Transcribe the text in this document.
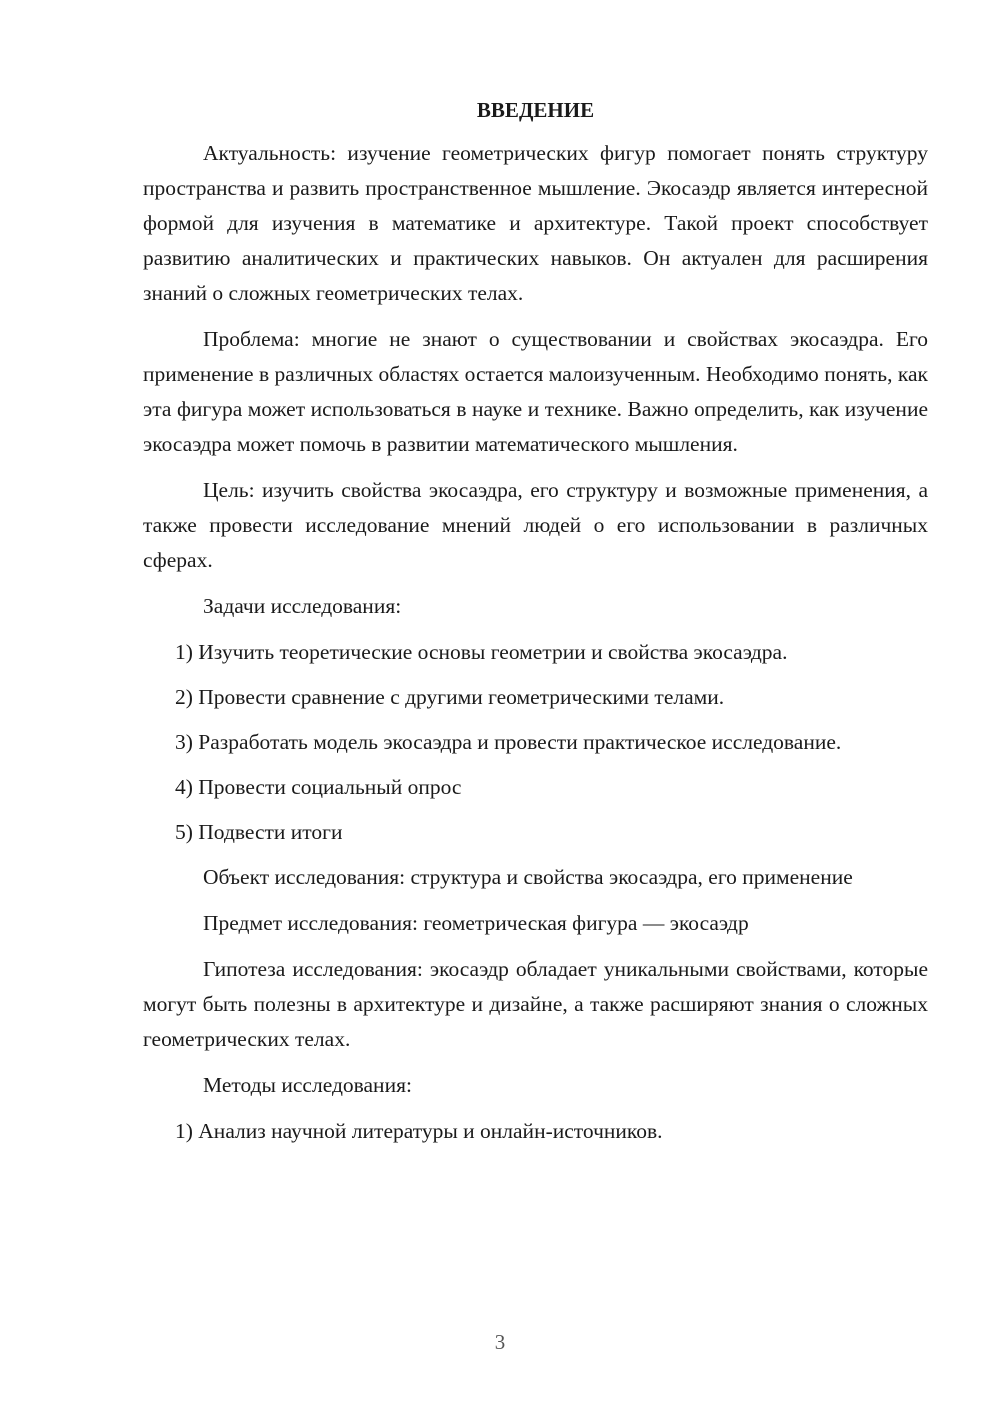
ВВЕДЕНИЕ

Актуальность: изучение геометрических фигур помогает понять структуру пространства и развить пространственное мышление. Экосаэдр является интересной формой для изучения в математике и архитектуре. Такой проект способствует развитию аналитических и практических навыков. Он актуален для расширения знаний о сложных геометрических телах.

Проблема: многие не знают о существовании и свойствах экосаэдра. Его применение в различных областях остается малоизученным. Необходимо понять, как эта фигура может использоваться в науке и технике. Важно определить, как изучение экосаэдра может помочь в развитии математического мышления.

Цель: изучить свойства экосаэдра, его структуру и возможные применения, а также провести исследование мнений людей о его использовании в различных сферах.

Задачи исследования:

1) Изучить теоретические основы геометрии и свойства экосаэдра.

2) Провести сравнение с другими геометрическими телами.

3) Разработать модель экосаэдра и провести практическое исследование.

4) Провести социальный опрос

5) Подвести итоги

Объект исследования: структура и свойства экосаэдра, его применение

Предмет исследования: геометрическая фигура — экосаэдр

Гипотеза исследования: экосаэдр обладает уникальными свойствами, которые могут быть полезны в архитектуре и дизайне, а также расширяют знания о сложных геометрических телах.

Методы исследования:

1) Анализ научной литературы и онлайн-источников.

3
